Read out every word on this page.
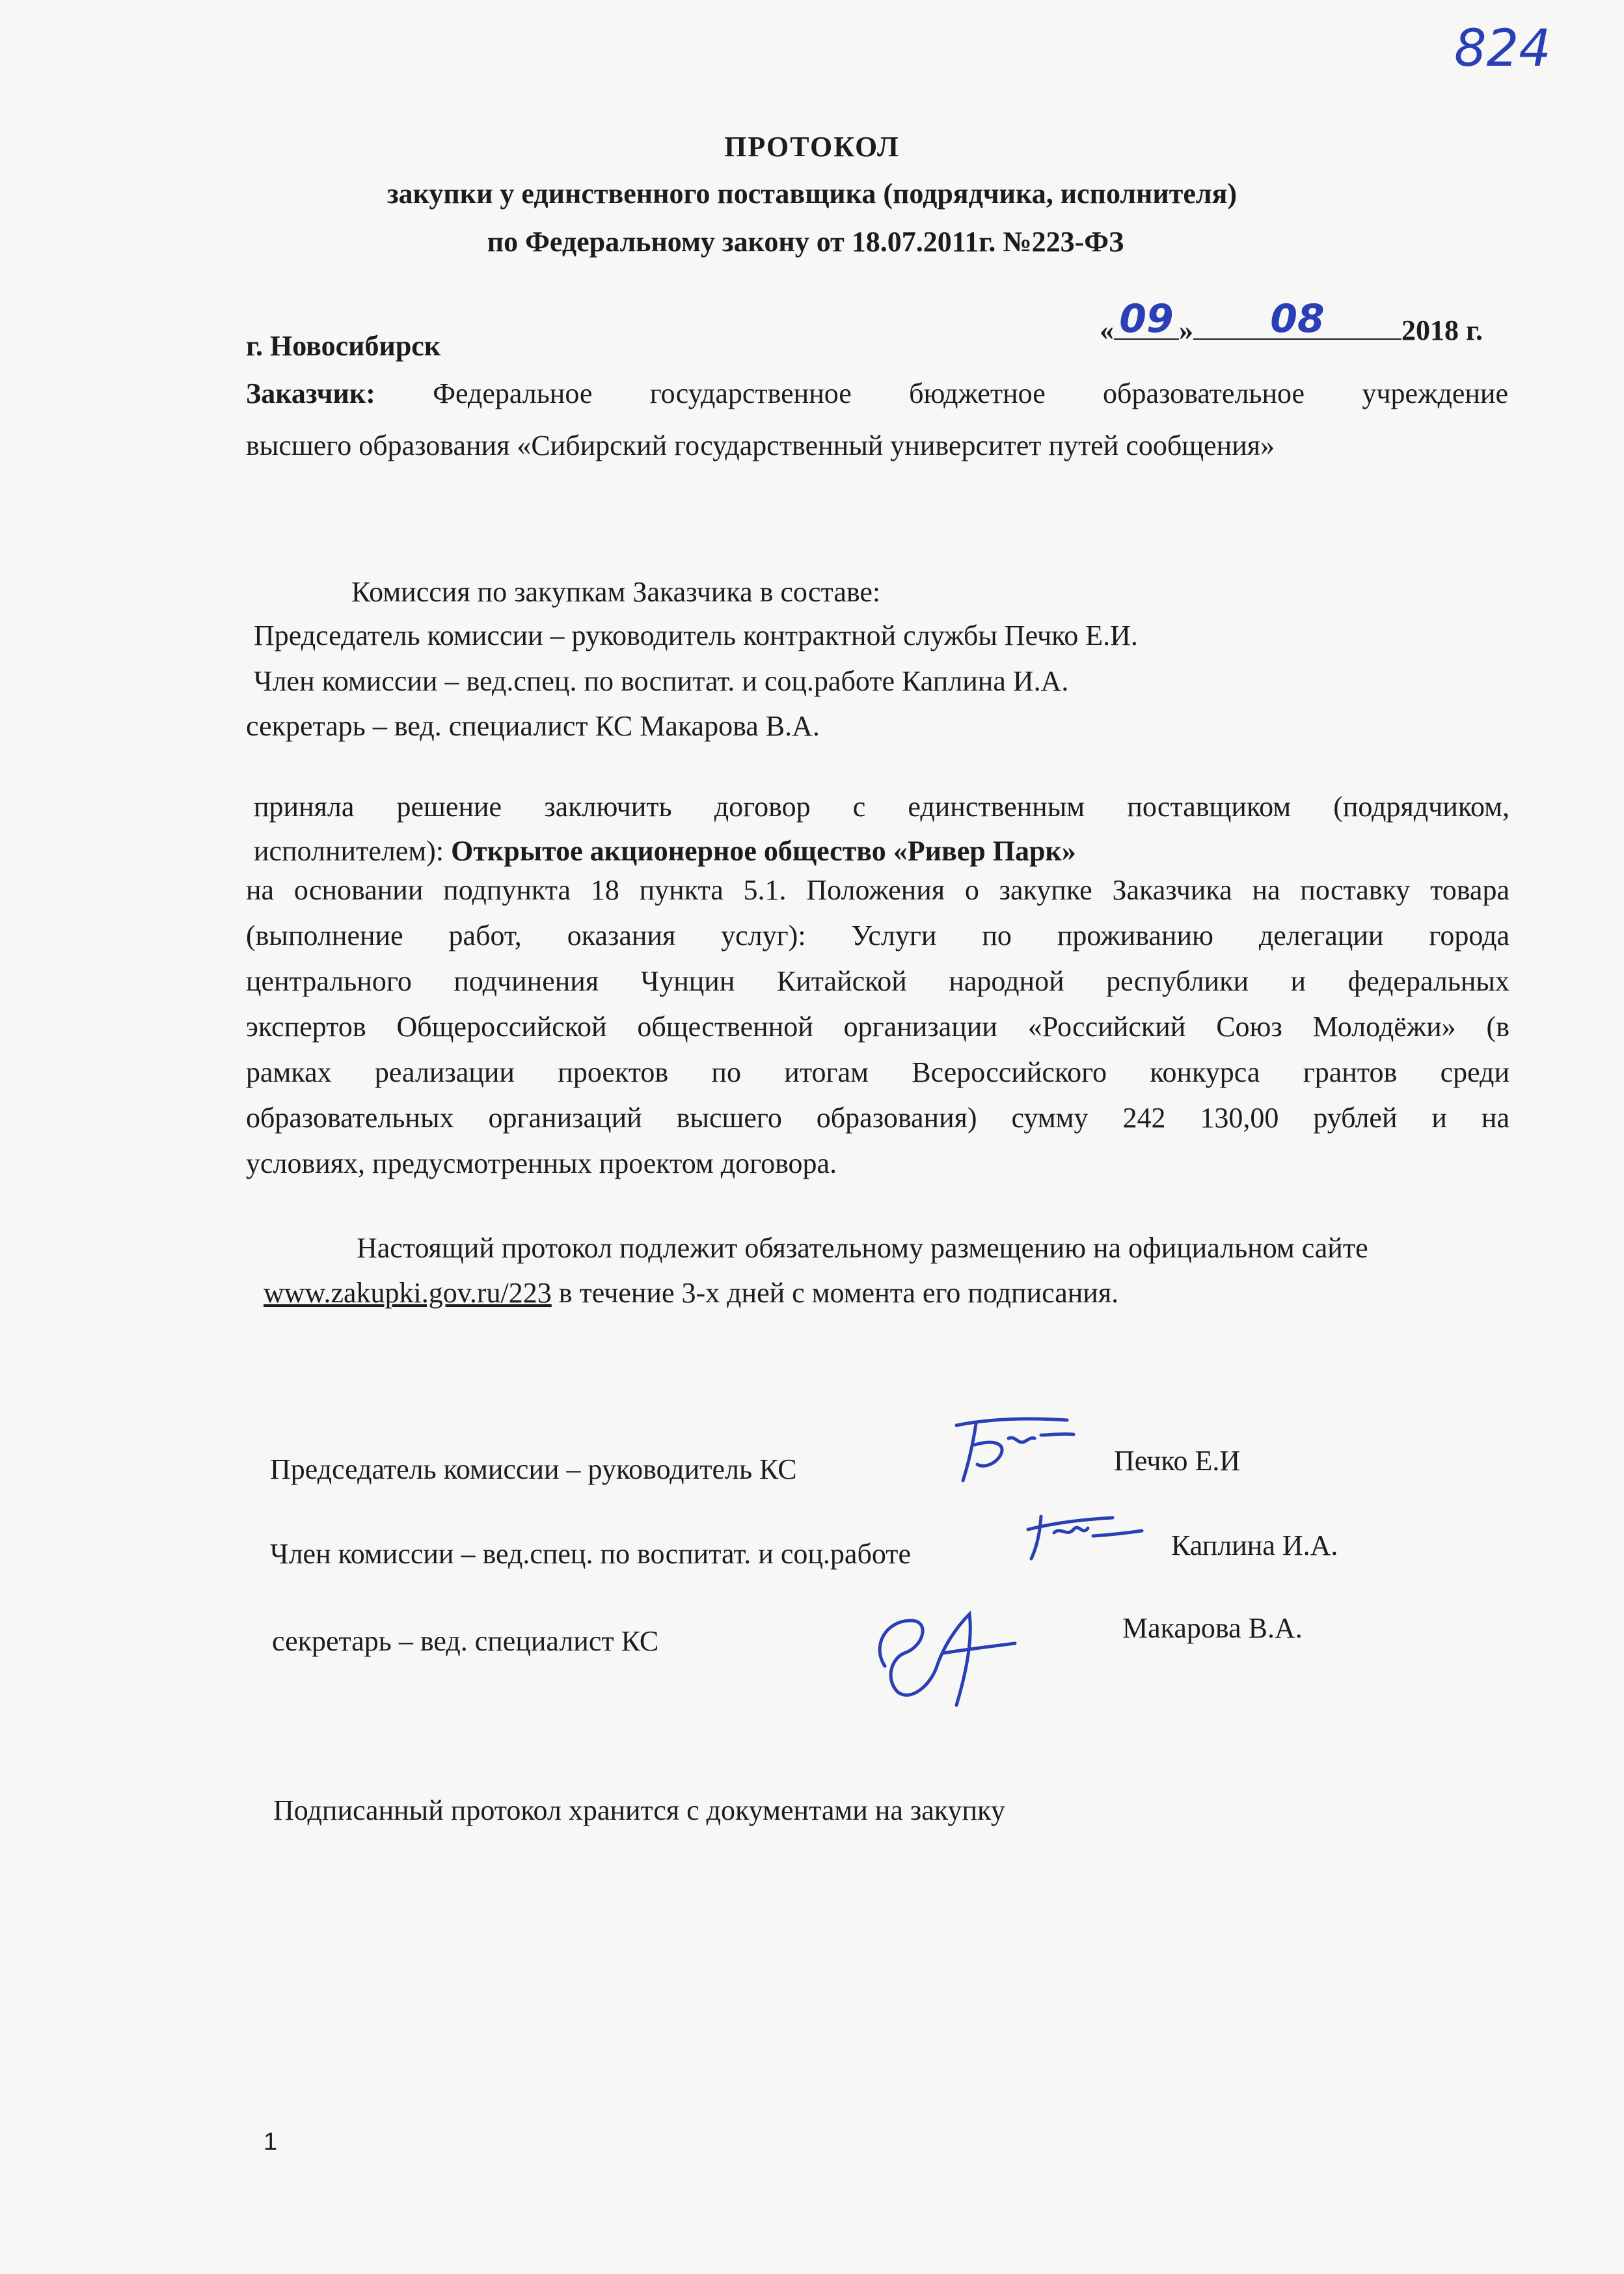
824
ПРОТОКОЛ
закупки у единственного поставщика (подрядчика, исполнителя)
по Федеральному закону от 18.07.2011г. №223-ФЗ
г. Новосибирск	« 09 »	08	2018 г.
Заказчик: Федеральное государственное бюджетное образовательное учреждение
высшего образования «Сибирский государственный университет путей сообщения»
Комиссия по закупкам Заказчика в составе:
Председатель комиссии – руководитель контрактной службы Печко Е.И.
Член комиссии – вед.спец. по воспитат. и соц.работе Каплина И.А.
секретарь – вед. специалист КС Макарова В.А.
приняла решение заключить договор с единственным поставщиком (подрядчиком,
исполнителем): Открытое акционерное общество «Ривер Парк»
на основании подпункта 18 пункта 5.1. Положения о закупке Заказчика на поставку товара
(выполнение работ, оказания услуг): Услуги по проживанию делегации города
центрального подчинения Чунцин Китайской народной республики и федеральных
экспертов Общероссийской общественной организации «Российский Союз Молодёжи» (в
рамках реализации проектов по итогам Всероссийского конкурса грантов среди
образовательных организаций высшего образования) сумму 242 130,00 рублей и на
условиях, предусмотренных проектом договора.
Настоящий протокол подлежит обязательному размещению на официальном сайте
www.zakupki.gov.ru/223 в течение 3-х дней с момента его подписания.
Председатель комиссии – руководитель КС	Печко Е.И
Член комиссии – вед.спец. по воспитат. и соц.работе	Каплина И.А.
секретарь – вед. специалист КС	Макарова В.А.
Подписанный протокол хранится с документами на закупку
1
